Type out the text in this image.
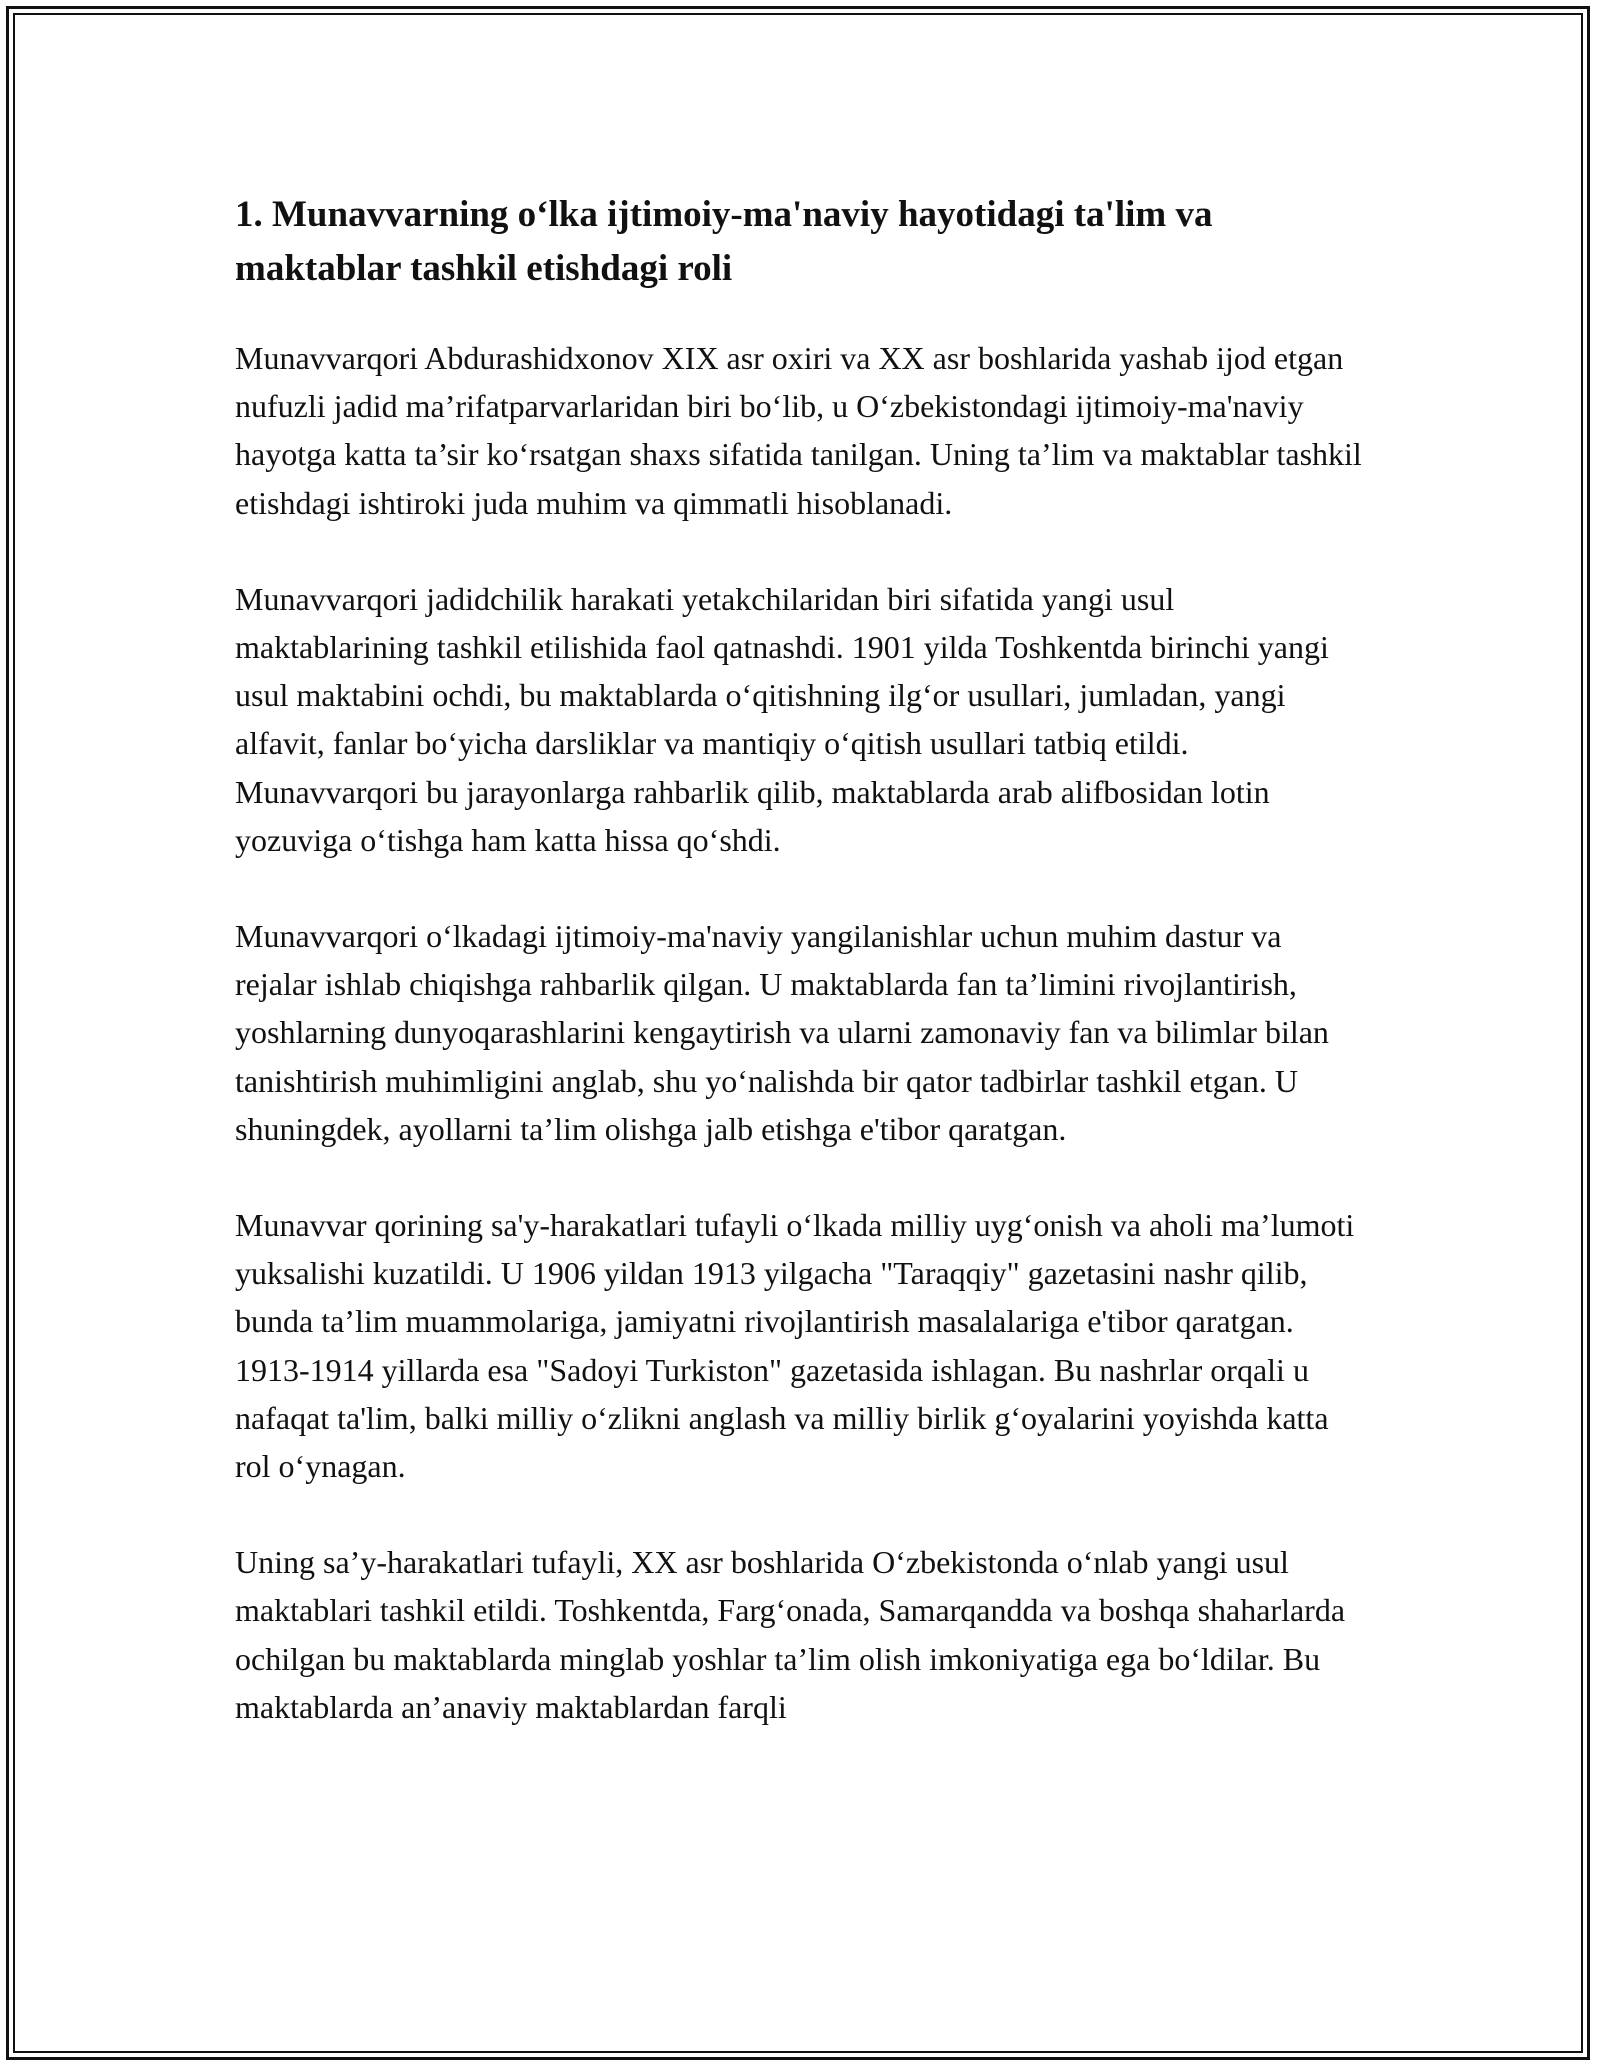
1. Munavvarning o‘lka ijtimoiy-ma'naviy hayotidagi ta'lim va maktablar tashkil etishdagi roli

Munavvarqori Abdurashidxonov XIX asr oxiri va XX asr boshlarida yashab ijod etgan nufuzli jadid ma’rifatparvarlaridan biri bo‘lib, u O‘zbekistondagi ijtimoiy-ma'naviy hayotga katta ta’sir ko‘rsatgan shaxs sifatida tanilgan. Uning ta’lim va maktablar tashkil etishdagi ishtiroki juda muhim va qimmatli hisoblanadi.

Munavvarqori jadidchilik harakati yetakchilaridan biri sifatida yangi usul maktablarining tashkil etilishida faol qatnashdi. 1901 yilda Toshkentda birinchi yangi usul maktabini ochdi, bu maktablarda o‘qitishning ilg‘or usullari, jumladan, yangi alfavit, fanlar bo‘yicha darsliklar va mantiqiy o‘qitish usullari tatbiq etildi. Munavvarqori bu jarayonlarga rahbarlik qilib, maktablarda arab alifbosidan lotin yozuviga o‘tishga ham katta hissa qo‘shdi.

Munavvarqori o‘lkadagi ijtimoiy-ma'naviy yangilanishlar uchun muhim dastur va rejalar ishlab chiqishga rahbarlik qilgan. U maktablarda fan ta’limini rivojlantirish, yoshlarning dunyoqarashlarini kengaytirish va ularni zamonaviy fan va bilimlar bilan tanishtirish muhimligini anglab, shu yo‘nalishda bir qator tadbirlar tashkil etgan. U shuningdek, ayollarni ta’lim olishga jalb etishga e'tibor qaratgan.

Munavvar qorining sa'y-harakatlari tufayli o‘lkada milliy uyg‘onish va aholi ma’lumoti yuksalishi kuzatildi. U 1906 yildan 1913 yilgacha "Taraqqiy" gazetasini nashr qilib, bunda ta’lim muammolariga, jamiyatni rivojlantirish masalalariga e'tibor qaratgan. 1913-1914 yillarda esa "Sadoyi Turkiston" gazetasida ishlagan. Bu nashrlar orqali u nafaqat ta'lim, balki milliy o‘zlikni anglash va milliy birlik g‘oyalarini yoyishda katta rol o‘ynagan.

Uning sa’y-harakatlari tufayli, XX asr boshlarida O‘zbekistonda o‘nlab yangi usul maktablari tashkil etildi. Toshkentda, Farg‘onada, Samarqandda va boshqa shaharlarda ochilgan bu maktablarda minglab yoshlar ta’lim olish imkoniyatiga ega bo‘ldilar. Bu maktablarda an’anaviy maktablardan farqli
